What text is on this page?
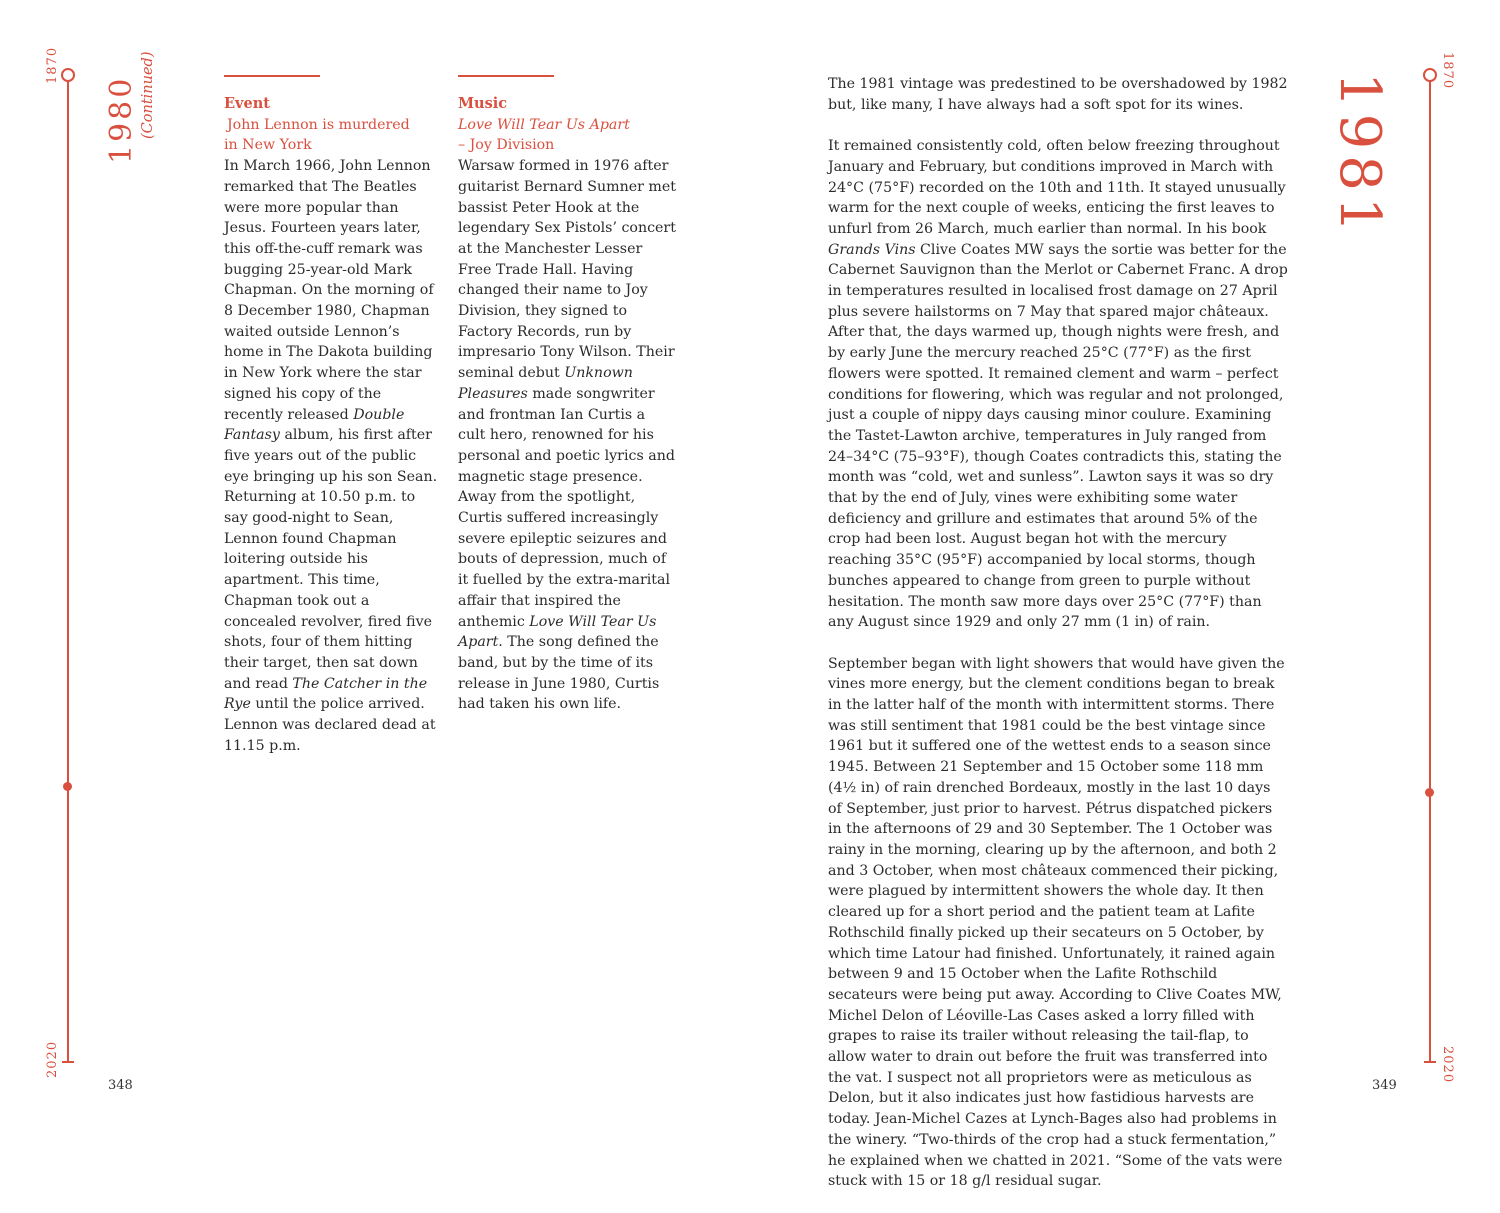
1870
2020
1980 (Continued)
348
Event
John Lennon is murdered
in New York

In March 1966, John Lennon remarked that The Beatles were more popular than Jesus. Fourteen years later, this off-the-cuff remark was bugging 25-year-old Mark Chapman. On the morning of 8 December 1980, Chapman waited outside Lennon’s home in The Dakota building in New York where the star signed his copy of the recently released Double Fantasy album, his first after five years out of the public eye bringing up his son Sean. Returning at 10.50 p.m. to say good-night to Sean, Lennon found Chapman loitering outside his apartment. This time, Chapman took out a concealed revolver, fired five shots, four of them hitting their target, then sat down and read The Catcher in the Rye until the police arrived. Lennon was declared dead at 11.15 p.m.

Music
Love Will Tear Us Apart
– Joy Division

Warsaw formed in 1976 after guitarist Bernard Sumner met bassist Peter Hook at the legendary Sex Pistols’ concert at the Manchester Lesser Free Trade Hall. Having changed their name to Joy Division, they signed to Factory Records, run by impresario Tony Wilson. Their seminal debut Unknown Pleasures made songwriter and frontman Ian Curtis a cult hero, renowned for his personal and poetic lyrics and magnetic stage presence. Away from the spotlight, Curtis suffered increasingly severe epileptic seizures and bouts of depression, much of it fuelled by the extra-marital affair that inspired the anthemic Love Will Tear Us Apart. The song defined the band, but by the time of its release in June 1980, Curtis had taken his own life.

The 1981 vintage was predestined to be overshadowed by 1982 but, like many, I have always had a soft spot for its wines.

It remained consistently cold, often below freezing throughout January and February, but conditions improved in March with 24°C (75°F) recorded on the 10th and 11th. It stayed unusually warm for the next couple of weeks, enticing the first leaves to unfurl from 26 March, much earlier than normal. In his book Grands Vins Clive Coates MW says the sortie was better for the Cabernet Sauvignon than the Merlot or Cabernet Franc. A drop in temperatures resulted in localised frost damage on 27 April plus severe hailstorms on 7 May that spared major châteaux. After that, the days warmed up, though nights were fresh, and by early June the mercury reached 25°C (77°F) as the first flowers were spotted. It remained clement and warm – perfect conditions for flowering, which was regular and not prolonged, just a couple of nippy days causing minor coulure. Examining the Tastet-Lawton archive, temperatures in July ranged from 24–34°C (75–93°F), though Coates contradicts this, stating the month was “cold, wet and sunless”. Lawton says it was so dry that by the end of July, vines were exhibiting some water deficiency and grillure and estimates that around 5% of the crop had been lost. August began hot with the mercury reaching 35°C (95°F) accompanied by local storms, though bunches appeared to change from green to purple without hesitation. The month saw more days over 25°C (77°F) than any August since 1929 and only 27 mm (1 in) of rain.

September began with light showers that would have given the vines more energy, but the clement conditions began to break in the latter half of the month with intermittent storms. There was still sentiment that 1981 could be the best vintage since 1961 but it suffered one of the wettest ends to a season since 1945. Between 21 September and 15 October some 118 mm (4½ in) of rain drenched Bordeaux, mostly in the last 10 days of September, just prior to harvest. Pétrus dispatched pickers in the afternoons of 29 and 30 September. The 1 October was rainy in the morning, clearing up by the afternoon, and both 2 and 3 October, when most châteaux commenced their picking, were plagued by intermittent showers the whole day. It then cleared up for a short period and the patient team at Lafite Rothschild finally picked up their secateurs on 5 October, by which time Latour had finished. Unfortunately, it rained again between 9 and 15 October when the Lafite Rothschild secateurs were being put away. According to Clive Coates MW, Michel Delon of Léoville-Las Cases asked a lorry filled with grapes to raise its trailer without releasing the tail-flap, to allow water to drain out before the fruit was transferred into the vat. I suspect not all proprietors were as meticulous as Delon, but it also indicates just how fastidious harvests are today. Jean-Michel Cazes at Lynch-Bages also had problems in the winery. “Two-thirds of the crop had a stuck fermentation,” he explained when we chatted in 2021. “Some of the vats were stuck with 15 or 18 g/l residual sugar.

1981
349
1870
2020
